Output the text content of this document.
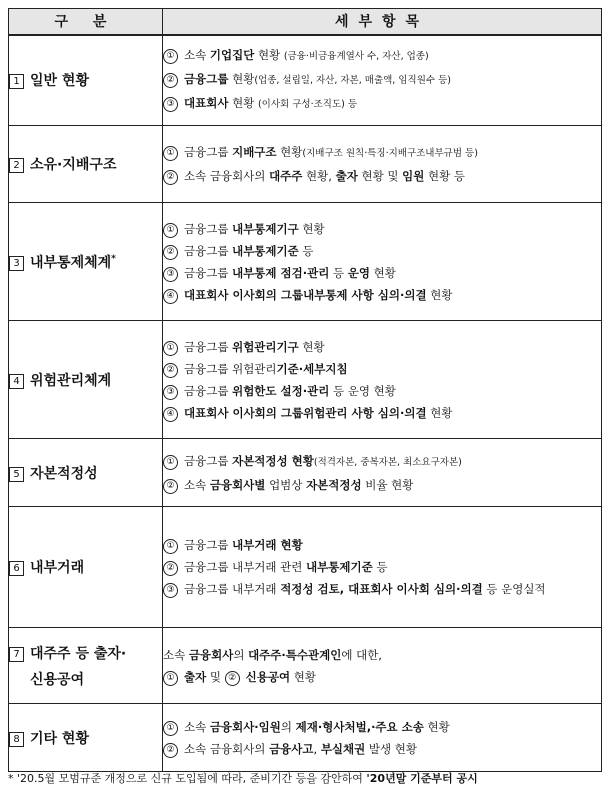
구 분	세부항목
1 일반 현황	① 소속 기업집단 현황 (금융·비금융계열사 수, 자산, 업종)
② 금융그룹 현황(업종, 설립일, 자산, 자본, 매출액, 임직원수 등)
③ 대표회사 현황 (이사회 구성·조직도) 등

2 소유·지배구조	① 금융그룹 지배구조 현황(지배구조 원칙·특징·지배구조내부규범 등)
② 소속 금융회사의 대주주 현황, 출자 현황 및 임원 현황 등

3 내부통제체계*	① 금융그룹 내부통제기구 현황
② 금융그룹 내부통제기준 등
③ 금융그룹 내부통제 점검·관리 등 운영 현황
④ 대표회사 이사회의 그룹내부통제 사항 심의·의결 현황

4 위험관리체계	① 금융그룹 위험관리기구 현황
② 금융그룹 위험관리기준·세부지침
③ 금융그룹 위험한도 설정·관리 등 운영 현황
④ 대표회사 이사회의 그룹위험관리 사항 심의·의결 현황

5 자본적정성	① 금융그룹 자본적정성 현황(적격자본, 중복자본, 최소요구자본)
② 소속 금융회사별 업범상 자본적정성 비율 현황

6 내부거래	① 금융그룹 내부거래 현황
② 금융그룹 내부거래 관련 내부통제기준 등
③ 금융그룹 내부거래 적정성 검토, 대표회사 이사회 심의·의결 등 운영실적

7 대주주 등 출자·
신용공여	소속 금융회사의 대주주·특수관계인에 대한,
① 출자 및 ② 신용공여 현황

8 기타 현황	① 소속 금융회사·임원의 제재·형사처벌,·주요 소송 현황
② 소속 금융회사의 금융사고, 부실채권 발생 현황
* '20.5월 모범규준 개정으로 신규 도입됨에 따라, 준비기간 등을 감안하여 '20년말 기준부터 공시
